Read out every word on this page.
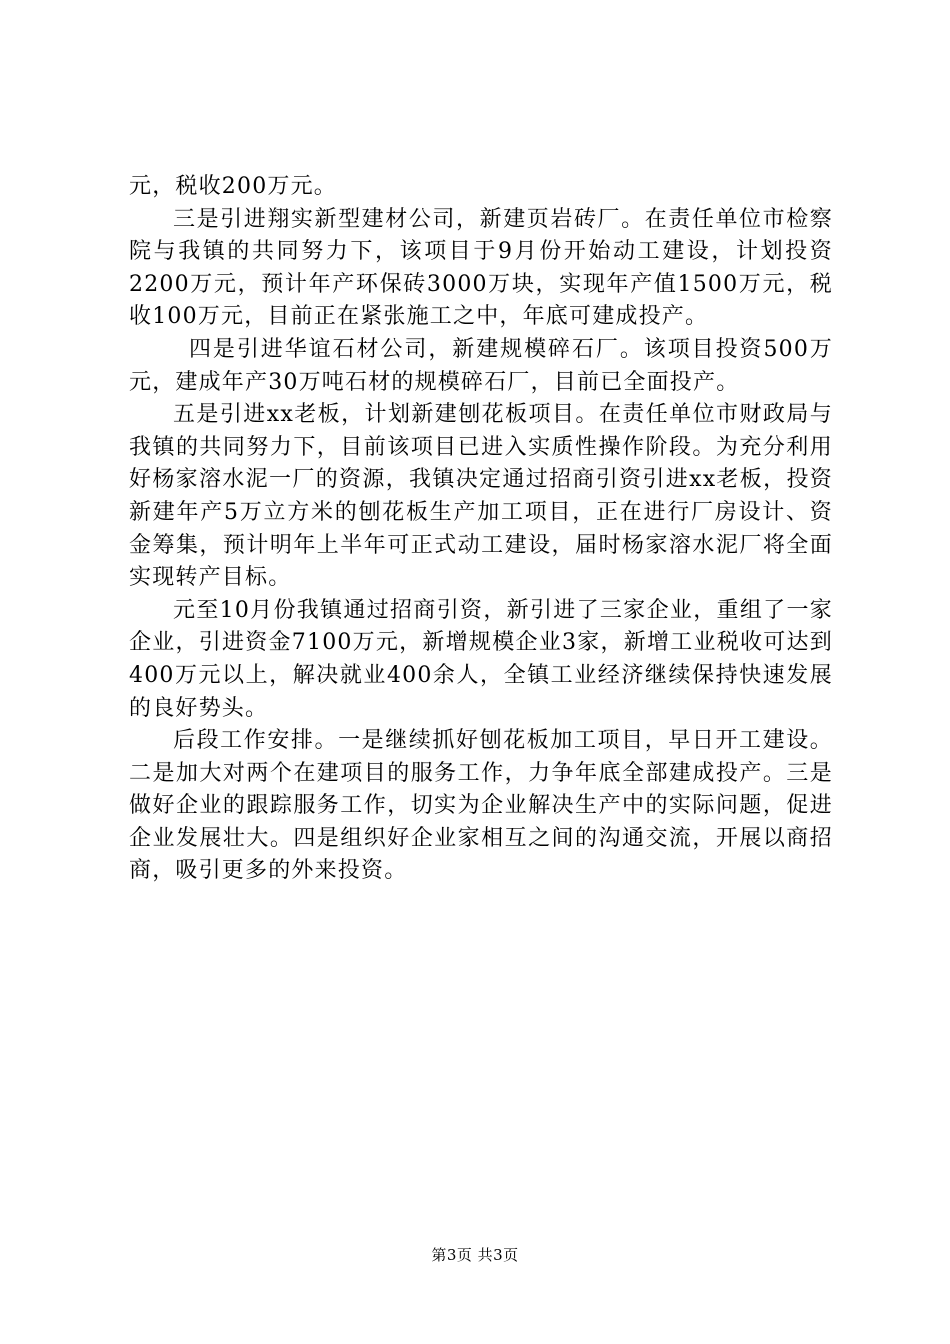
元，税收200万元。

三是引进翔实新型建材公司，新建页岩砖厂。在责任单位市检察院与我镇的共同努力下，该项目于9月份开始动工建设，计划投资2200万元，预计年产环保砖3000万块，实现年产值1500万元，税收100万元，目前正在紧张施工之中，年底可建成投产。

四是引进华谊石材公司，新建规模碎石厂。该项目投资500万元，建成年产30万吨石材的规模碎石厂，目前已全面投产。

五是引进xx老板，计划新建刨花板项目。在责任单位市财政局与我镇的共同努力下，目前该项目已进入实质性操作阶段。为充分利用好杨家溶水泥一厂的资源，我镇决定通过招商引资引进xx老板，投资新建年产5万立方米的刨花板生产加工项目，正在进行厂房设计、资金筹集，预计明年上半年可正式动工建设，届时杨家溶水泥厂将全面实现转产目标。

元至10月份我镇通过招商引资，新引进了三家企业，重组了一家企业，引进资金7100万元，新增规模企业3家，新增工业税收可达到400万元以上，解决就业400余人，全镇工业经济继续保持快速发展的良好势头。

后段工作安排。一是继续抓好刨花板加工项目，早日开工建设。二是加大对两个在建项目的服务工作，力争年底全部建成投产。三是做好企业的跟踪服务工作，切实为企业解决生产中的实际问题，促进企业发展壮大。四是组织好企业家相互之间的沟通交流，开展以商招商，吸引更多的外来投资。

第3页 共3页
